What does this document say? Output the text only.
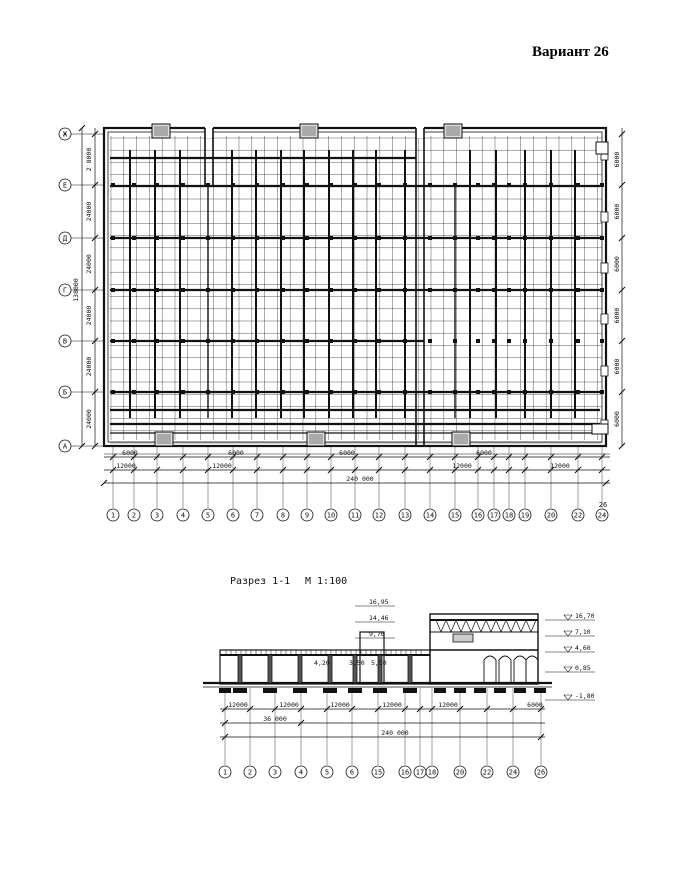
Вариант 26
Ж
Е
Д
Г
В
Б
А
2 8000
24000
24000
24000
24000
24000
138000
6000
6000
6000
6000
6000
6000
6000	6000	6000	6000
12000	12000	12000	12000
240 000
1 2	3	4	5	6	7	8	9	10 11 12	13 14 15 16 17 18 19	20	22 24
26
Разрез 1-1 М 1:100
16,95
14,46
9,76
4,20	3,50 5,50
16,70
7,10
4,60
0,85
-1,80
12000	12000	12000	12000	12000	6000
36 000
240 000
1	2	3	4	5	6	15	16 17 18	20	22	24	26
